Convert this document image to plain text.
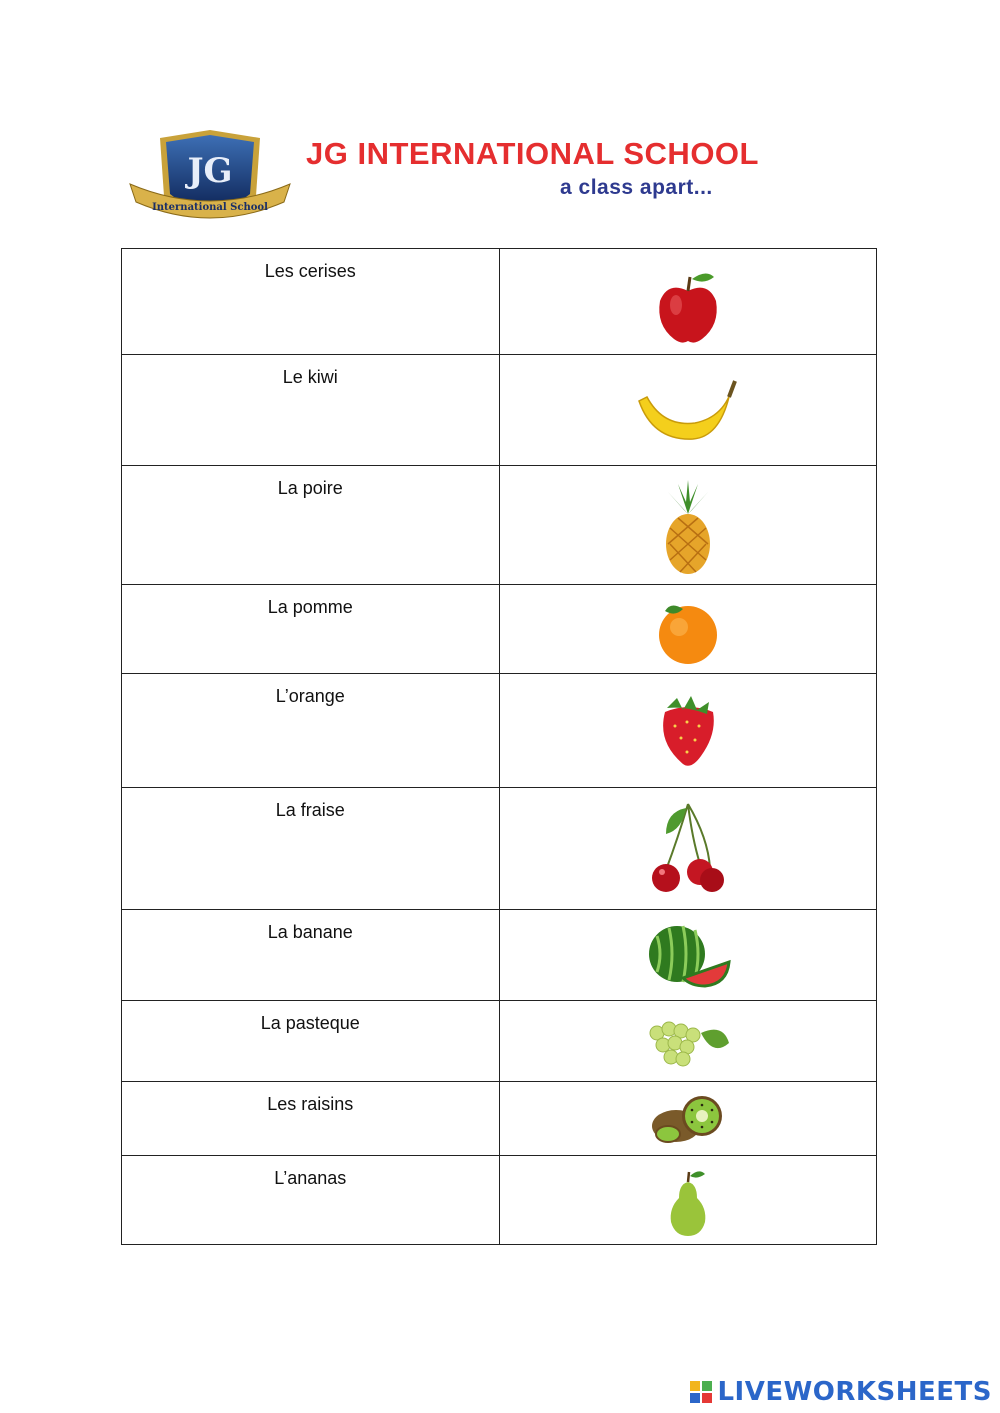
JG
International School
JG INTERNATIONAL SCHOOL
a class apart...
Les cerises	

Le kiwi	

La poire	

La pomme	

L’orange	

La fraise	

La banane	

La pasteque	

Les raisins	

L’ananas	
LIVEWORKSHEETS
